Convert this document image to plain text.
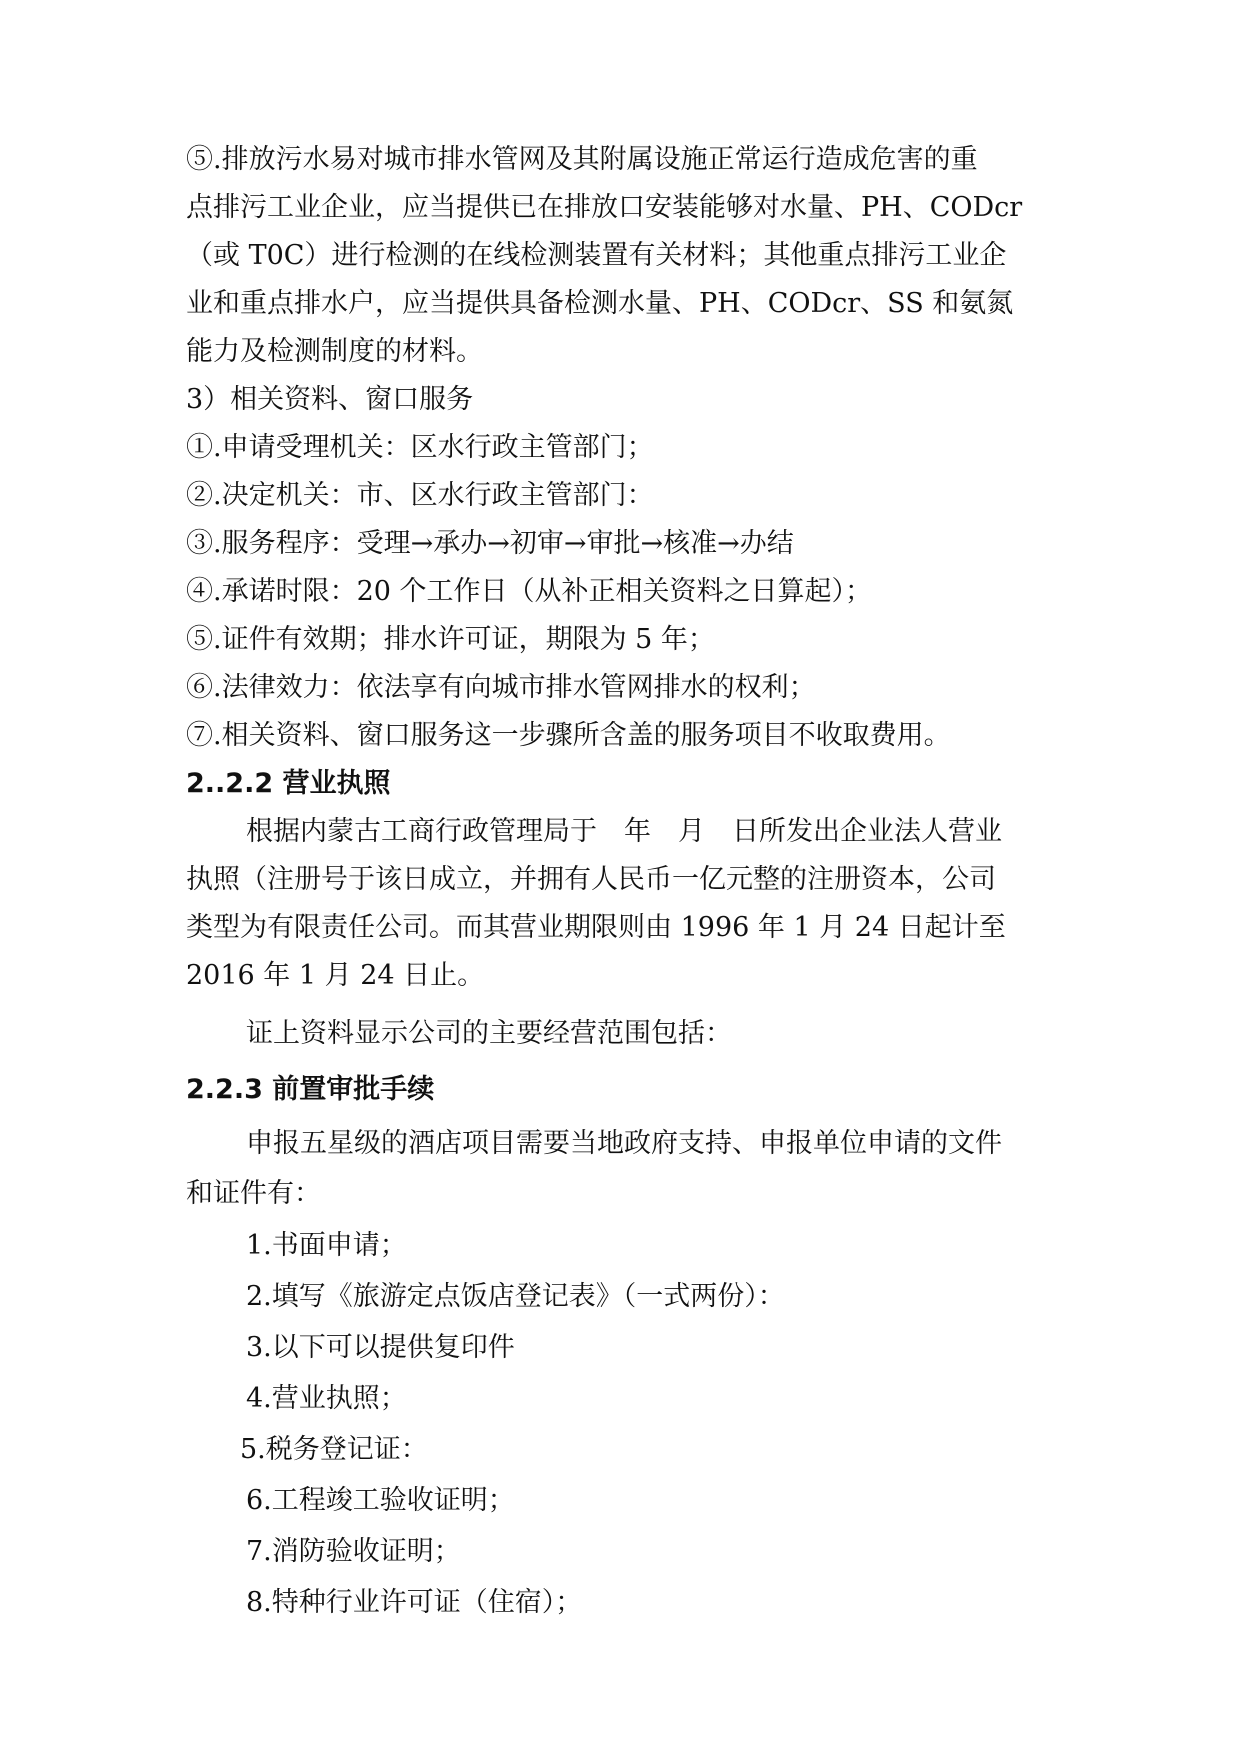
⑤.排放污水易对城市排水管网及其附属设施正常运行造成危害的重
点排污工业企业，应当提供已在排放口安装能够对水量、PH、CODcr
（或 T0C）进行检测的在线检测装置有关材料；其他重点排污工业企
业和重点排水户，应当提供具备检测水量、PH、CODcr、SS 和氨氮
能力及检测制度的材料。
3）相关资料、窗口服务
①.申请受理机关：区水行政主管部门；
②.决定机关：市、区水行政主管部门：
③.服务程序：受理→承办→初审→审批→核准→办结
④.承诺时限：20 个工作日（从补正相关资料之日算起）；
⑤.证件有效期；排水许可证，期限为 5 年；
⑥.法律效力：依法享有向城市排水管网排水的权利；
⑦.相关资料、窗口服务这一步骤所含盖的服务项目不收取费用。
2..2.2 营业执照
根据内蒙古工商行政管理局于　年　月　日所发出企业法人营业
执照（注册号于该日成立，并拥有人民币一亿元整的注册资本，公司
类型为有限责任公司。而其营业期限则由 1996 年 1 月 24 日起计至
2016 年 1 月 24 日止。
证上资料显示公司的主要经营范围包括：
2.2.3 前置审批手续
申报五星级的酒店项目需要当地政府支持、申报单位申请的文件
和证件有：
1.书面申请；
2.填写《旅游定点饭店登记表》（一式两份）：
3.以下可以提供复印件
4.营业执照；
5.税务登记证：
6.工程竣工验收证明；
7.消防验收证明；
8.特种行业许可证（住宿）；
